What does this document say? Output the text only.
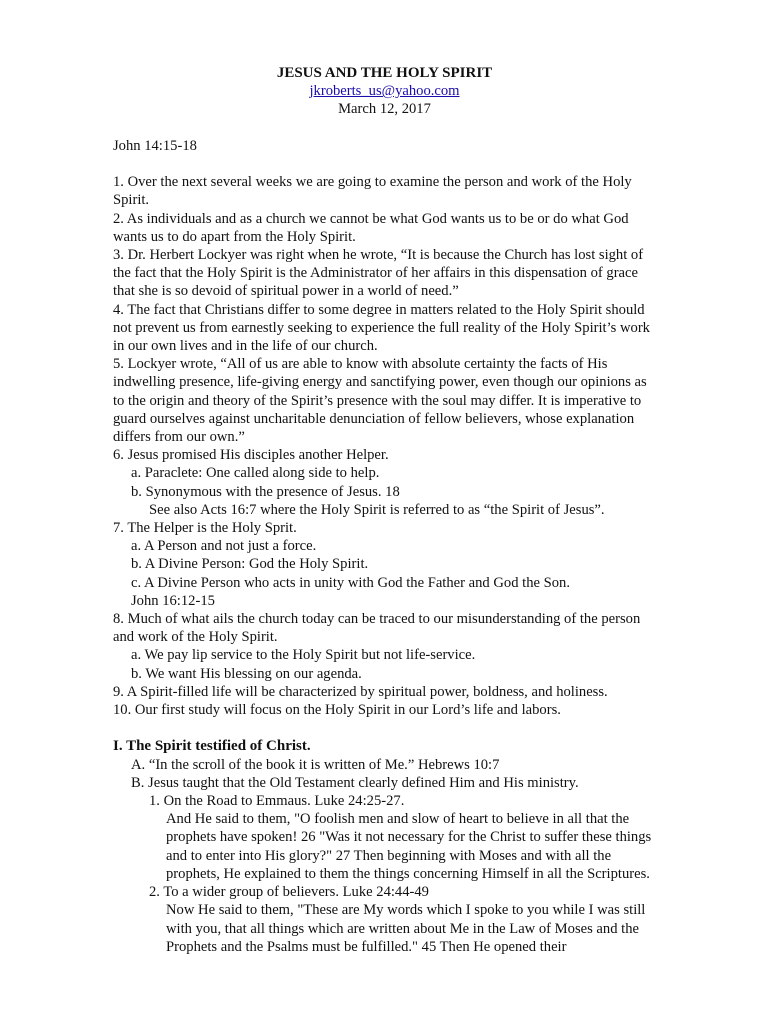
JESUS AND THE HOLY SPIRIT

jkroberts_us@yahoo.com
March 12, 2017

John 14:15-18

1. Over the next several weeks we are going to examine the person and work of the Holy Spirit.

2. As individuals and as a church we cannot be what God wants us to be or do what God wants us to do apart from the Holy Spirit.

3. Dr. Herbert Lockyer was right when he wrote, “It is because the Church has lost sight of the fact that the Holy Spirit is the Administrator of her affairs in this dispensation of grace that she is so devoid of spiritual power in a world of need.”

4. The fact that Christians differ to some degree in matters related to the Holy Spirit should not prevent us from earnestly seeking to experience the full reality of the Holy Spirit’s work in our own lives and in the life of our church.

5. Lockyer wrote, “All of us are able to know with absolute certainty the facts of His indwelling presence, life-giving energy and sanctifying power, even though our opinions as to the origin and theory of the Spirit’s presence with the soul may differ. It is imperative to guard ourselves against uncharitable denunciation of fellow believers, whose explanation differs from our own.”

6. Jesus promised His disciples another Helper.

a. Paraclete: One called along side to help.

b. Synonymous with the presence of Jesus. 18

See also Acts 16:7 where the Holy Spirit is referred to as “the Spirit of Jesus”.

7. The Helper is the Holy Sprit.

a. A Person and not just a force.

b. A Divine Person: God the Holy Spirit.

c. A Divine Person who acts in unity with God the Father and God the Son.

John 16:12-15

8. Much of what ails the church today can be traced to our misunderstanding of the person and work of the Holy Spirit.

a. We pay lip service to the Holy Spirit but not life-service.

b. We want His blessing on our agenda.

9. A Spirit-filled life will be characterized by spiritual power, boldness, and holiness.

10. Our first study will focus on the Holy Spirit in our Lord’s life and labors.

I. The Spirit testified of Christ.

A. “In the scroll of the book it is written of Me.” Hebrews 10:7

B. Jesus taught that the Old Testament clearly defined Him and His ministry.

1. On the Road to Emmaus. Luke 24:25-27.

And He said to them, "O foolish men and slow of heart to believe in all that the prophets have spoken! 26 "Was it not necessary for the Christ to suffer these things and to enter into His glory?" 27 Then beginning with Moses and with all the prophets, He explained to them the things concerning Himself in all the Scriptures.

2. To a wider group of believers. Luke 24:44-49

Now He said to them, "These are My words which I spoke to you while I was still with you, that all things which are written about Me in the Law of Moses and the Prophets and the Psalms must be fulfilled." 45 Then He opened their
